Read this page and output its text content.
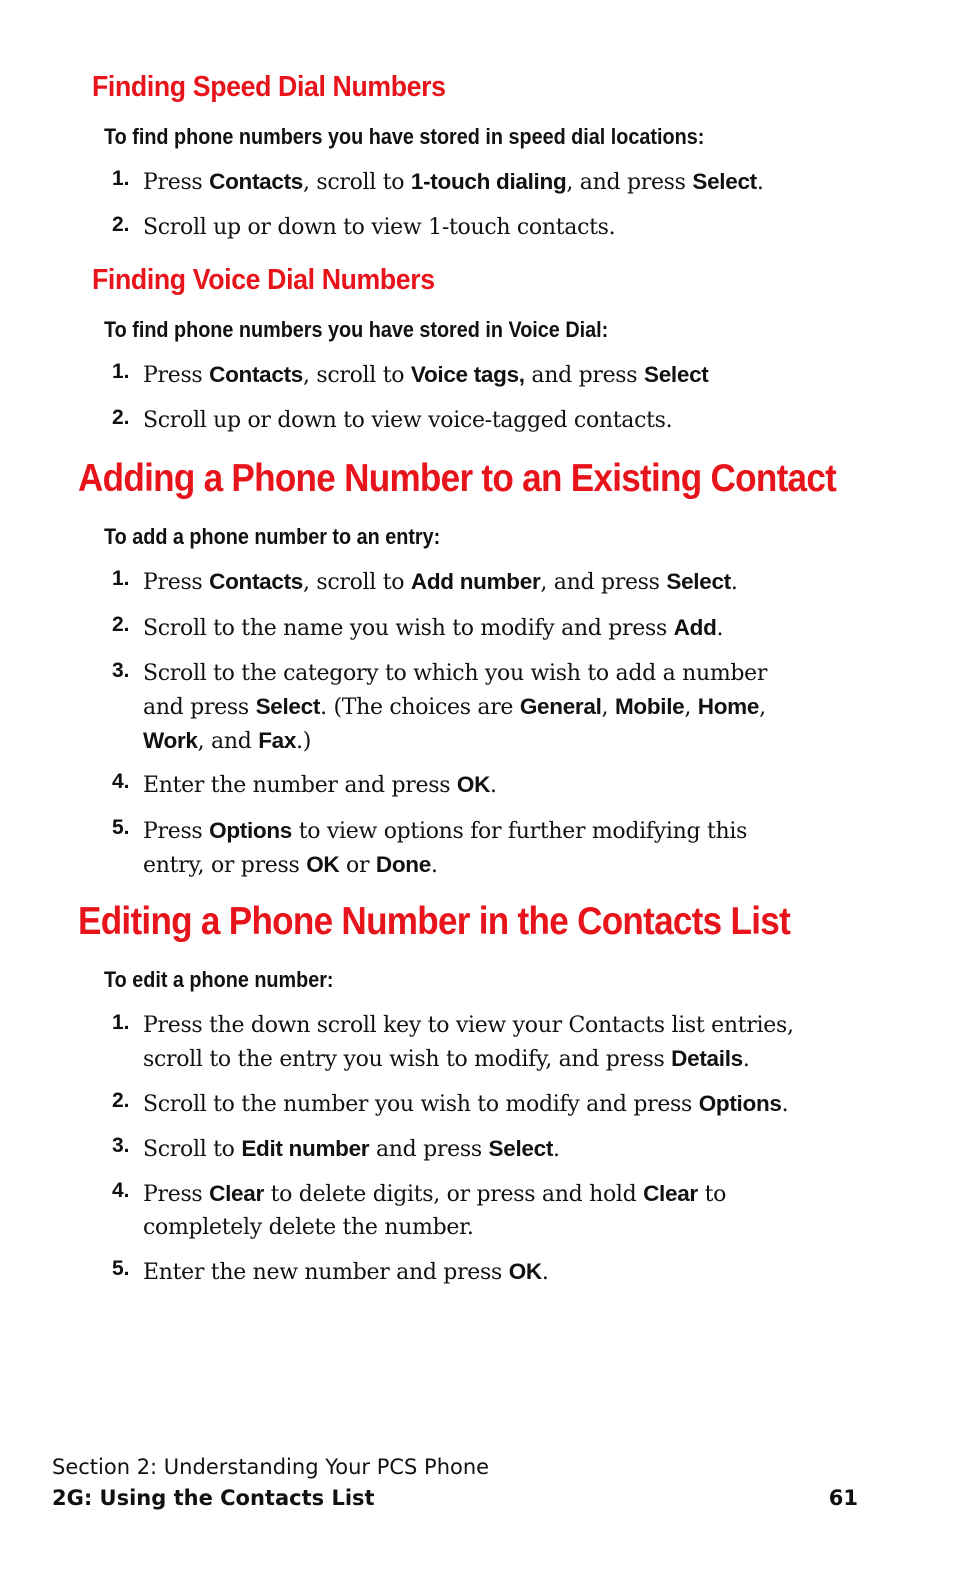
Finding Speed Dial Numbers
To find phone numbers you have stored in speed dial locations:
1. Press Contacts, scroll to 1-touch dialing, and press Select.
2. Scroll up or down to view 1-touch contacts.
Finding Voice Dial Numbers
To find phone numbers you have stored in Voice Dial:
1. Press Contacts, scroll to Voice tags, and press Select
2. Scroll up or down to view voice-tagged contacts.
Adding a Phone Number to an Existing Contact
To add a phone number to an entry:
1. Press Contacts, scroll to Add number, and press Select.
2. Scroll to the name you wish to modify and press Add.
3. Scroll to the category to which you wish to add a number and press Select. (The choices are General, Mobile, Home, Work, and Fax.)
4. Enter the number and press OK.
5. Press Options to view options for further modifying this entry, or press OK or Done.
Editing a Phone Number in the Contacts List
To edit a phone number:
1. Press the down scroll key to view your Contacts list entries, scroll to the entry you wish to modify, and press Details.
2. Scroll to the number you wish to modify and press Options.
3. Scroll to Edit number and press Select.
4. Press Clear to delete digits, or press and hold Clear to completely delete the number.
5. Enter the new number and press OK.
Section 2: Understanding Your PCS Phone
2G: Using the Contacts List	61
